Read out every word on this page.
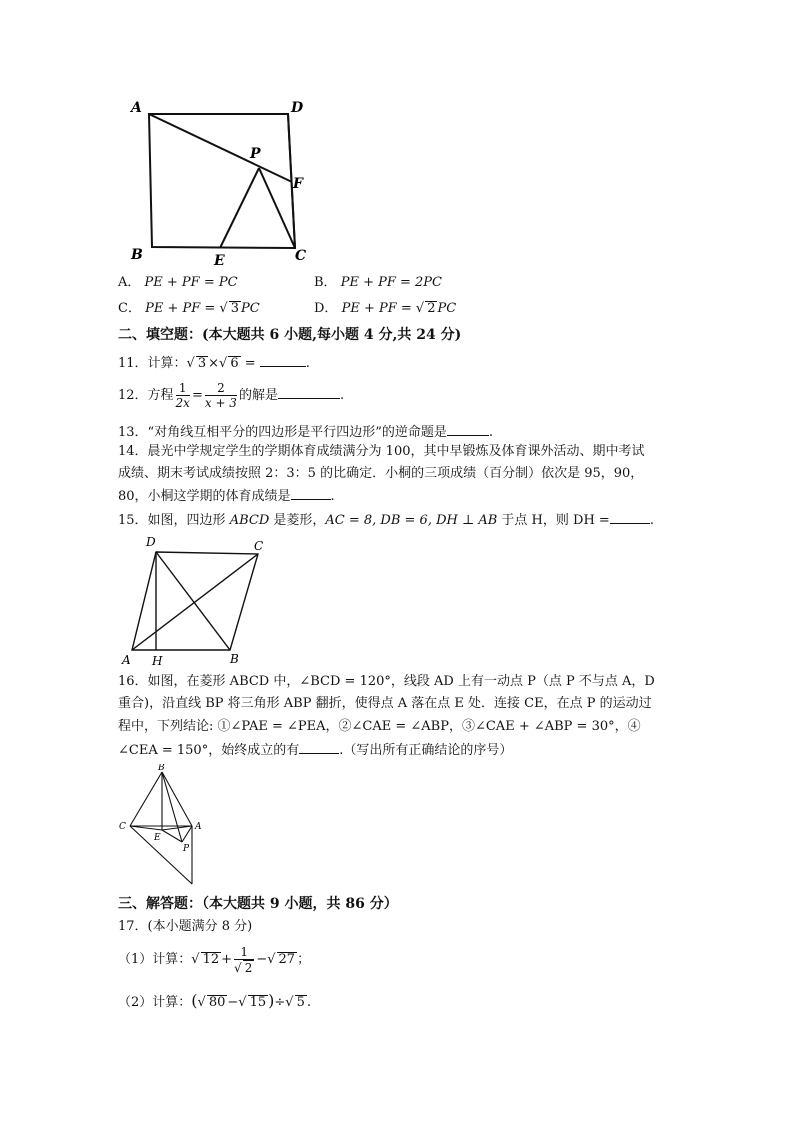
A	D
P
F
B	E	C
A． PE + PF = PC	B． PE + PF = 2PC
C． PE + PF = √ 3 PC	D． PE + PF = √ 2 PC
二、填空题：(本大题共 6 小题,每小题 4 分,共 24 分)
11．计算： √ 3 × √ 6 =	.
12．方程 $\frac{1}{2x} = \frac{2}{x + 3}$ 的解是	.
13．“对角线互相平分的四边形是平行四边形”的逆命题是	.
14．晨光中学规定学生的学期体育成绩满分为 100，其中早锻炼及体育课外活动、期中考试
成绩、期末考试成绩按照 2：3：5 的比确定．小桐的三项成绩（百分制）依次是 95，90，
80，小桐这学期的体育成绩是	.
15．如图，四边形 ABCD 是菱形，AC = 8, DB = 6, DH ⊥ AB 于点 H，则 DH =	.
D	C
A H	B
16．如图，在菱形 ABCD 中，∠BCD = 120°，线段 AD 上有一动点 P（点 P 不与点 A，D
重合)，沿直线 BP 将三角形 ABP 翻折，使得点 A 落在点 E 处．连接 CE，在点 P 的运动过
程中，下列结论: ①∠PAE = ∠PEA，②∠CAE = ∠ABP，③∠CAE + ∠ABP = 30°，④
∠CEA = 150°，始终成立的有	.（写出所有正确结论的序号）
B
C	A
E
P
三、解答题：（本大题共 9 小题，共 86 分）
17．(本小题满分 8 分)
（1）计算： √ 12 + 1
√ 2 − √ 27 ；
（2）计算：( √ 80 − √ 15 )÷ √ 5 .
